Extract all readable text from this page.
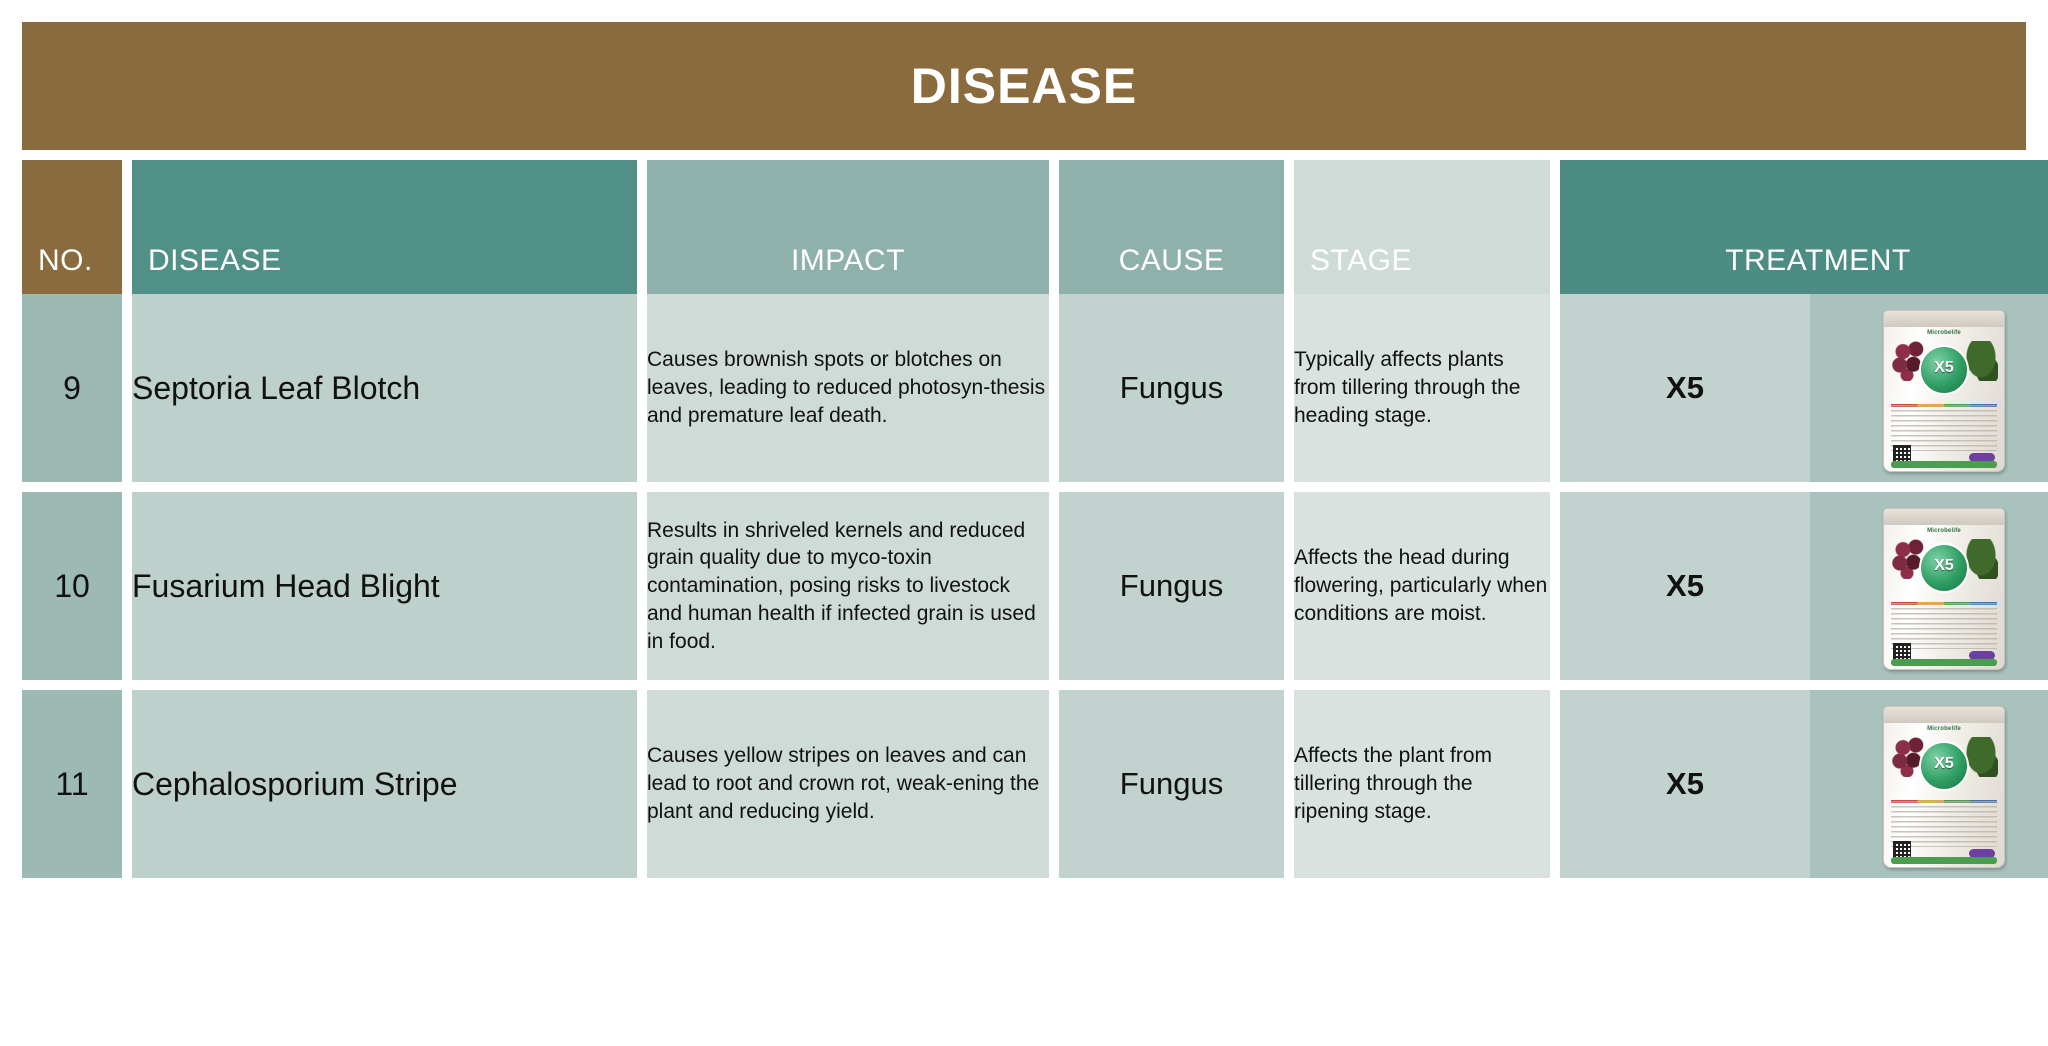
DISEASE
NO.		DISEASE		IMPACT		CAUSE		STAGE		TREATMENT	

9		Septoria Leaf Blotch		Causes brownish spots or blotches on leaves, leading to reduced photosyn-thesis and premature leaf death.		Fungus		Typically affects plants from tillering through the heading stage.		X5	Microbelife
X5

10		Fusarium Head Blight		Results in shriveled kernels and reduced grain quality due to myco-toxin contamination, posing risks to livestock and human health if infected grain is used in food.		Fungus		Affects the head during flowering, particularly when conditions are moist.		X5	Microbelife
X5

11		Cephalosporium Stripe		Causes yellow stripes on leaves and can lead to root and crown rot, weak-ening the plant and reducing yield.		Fungus		Affects the plant from tillering through the ripening stage.		X5	Microbelife
X5
